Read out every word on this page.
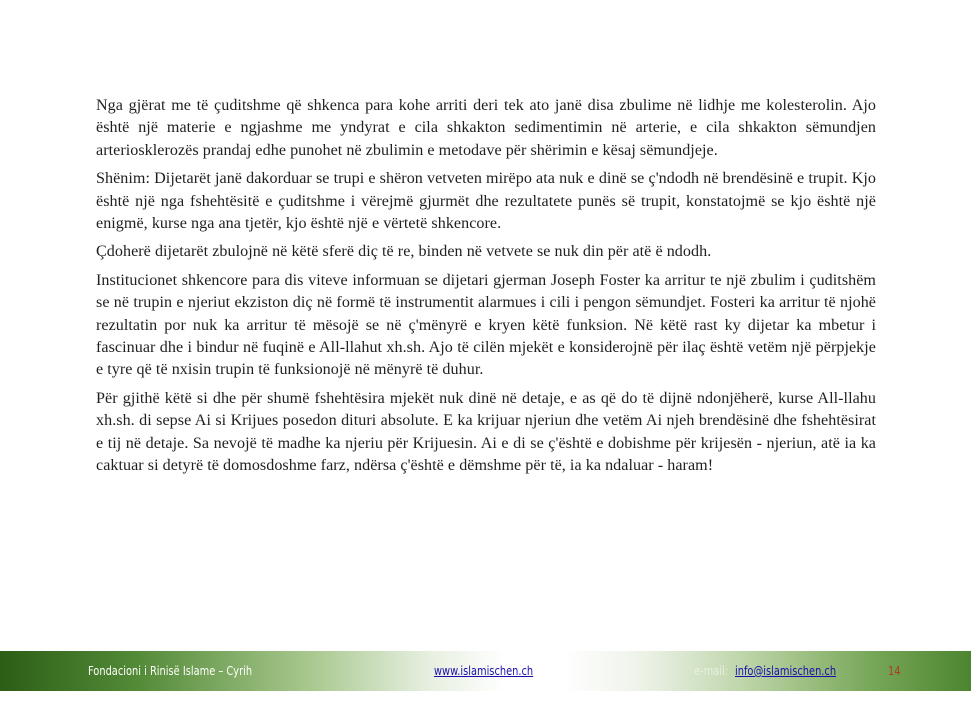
Nga gjërat me të çuditshme që shkenca para kohe arriti deri tek ato janë disa zbulime në lidhje me kolesterolin. Ajo është një materie e ngjashme me yndyrat e cila shkakton sedimentimin në arterie, e cila shkakton sëmundjen arteriosklerozës prandaj edhe punohet në zbulimin e metodave për shërimin e kësaj sëmundjeje.

Shënim: Dijetarët janë dakorduar se trupi e shëron vetveten mirëpo ata nuk e dinë se ç'ndodh në brendësinë e trupit. Kjo është një nga fshehtësitë e çuditshme i vërejmë gjurmët dhe rezultatete punës së trupit, konstatojmë se kjo është një enigmë, kurse nga ana tjetër, kjo është një e vërtetë shkencore.

Çdoherë dijetarët zbulojnë në këtë sferë diç të re, binden në vetvete se nuk din për atë ë ndodh.

Institucionet shkencore para dis viteve informuan se dijetari gjerman Joseph Foster ka arritur te një zbulim i çuditshëm se në trupin e njeriut ekziston diç në formë të instrumentit alarmues i cili i pengon sëmundjet. Fosteri ka arritur të njohë rezultatin por nuk ka arritur të mësojë se në ç'mënyrë e kryen këtë funksion. Në këtë rast ky dijetar ka mbetur i fascinuar dhe i bindur në fuqinë e All-llahut xh.sh. Ajo të cilën mjekët e konsiderojnë për ilaç është vetëm një përpjekje e tyre që të nxisin trupin të funksionojë në mënyrë të duhur.

Për gjithë këtë si dhe për shumë fshehtësira mjekët nuk dinë në detaje, e as që do të dijnë ndonjëherë, kurse All-llahu xh.sh. di sepse Ai si Krijues posedon dituri absolute. E ka krijuar njeriun dhe vetëm Ai njeh brendësinë dhe fshehtësirat e tij në detaje. Sa nevojë të madhe ka njeriu për Krijuesin. Ai e di se ç'është e dobishme për krijesën - njeriun, atë ia ka caktuar si detyrë të domosdoshme farz, ndërsa ç'është e dëmshme për të, ia ka ndaluar - haram!

Fondacioni i Rinisë Islame – Cyrih	www.islamischen.ch	e-mail: info@islamischen.ch	14
